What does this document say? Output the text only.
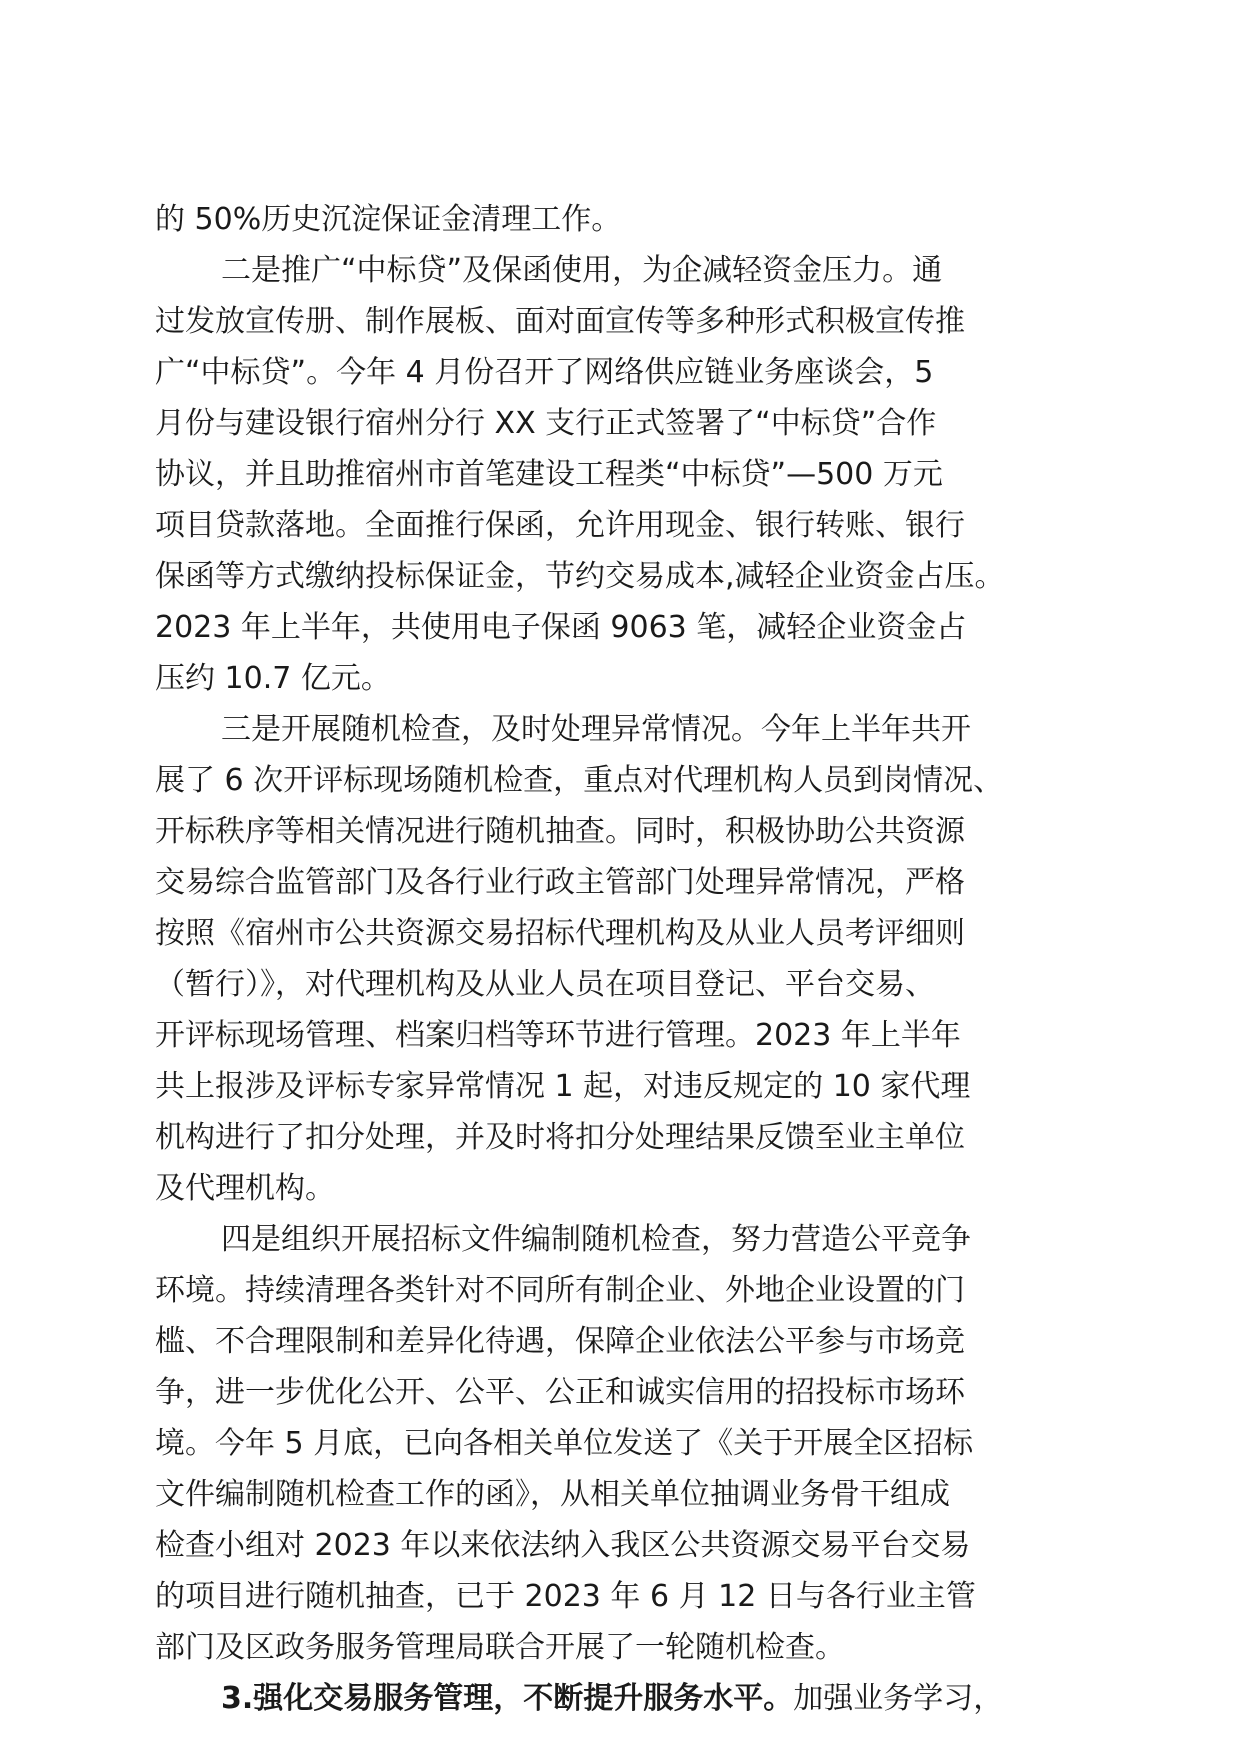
的 50%历史沉淀保证金清理工作。
二是推广“中标贷”及保函使用，为企减轻资金压力。通
过发放宣传册、制作展板、面对面宣传等多种形式积极宣传推
广“中标贷”。今年 4 月份召开了网络供应链业务座谈会，5
月份与建设银行宿州分行 XX 支行正式签署了“中标贷”合作
协议，并且助推宿州市首笔建设工程类“中标贷”—500 万元
项目贷款落地。全面推行保函，允许用现金、银行转账、银行
保函等方式缴纳投标保证金，节约交易成本,减轻企业资金占压。
2023 年上半年，共使用电子保函 9063 笔，减轻企业资金占
压约 10.7 亿元。
三是开展随机检查，及时处理异常情况。今年上半年共开
展了 6 次开评标现场随机检查，重点对代理机构人员到岗情况、
开标秩序等相关情况进行随机抽查。同时，积极协助公共资源
交易综合监管部门及各行业行政主管部门处理异常情况，严格
按照《宿州市公共资源交易招标代理机构及从业人员考评细则
（暂行）》，对代理机构及从业人员在项目登记、平台交易、
开评标现场管理、档案归档等环节进行管理。2023 年上半年
共上报涉及评标专家异常情况 1 起，对违反规定的 10 家代理
机构进行了扣分处理，并及时将扣分处理结果反馈至业主单位
及代理机构。
四是组织开展招标文件编制随机检查，努力营造公平竞争
环境。持续清理各类针对不同所有制企业、外地企业设置的门
槛、不合理限制和差异化待遇，保障企业依法公平参与市场竞
争，进一步优化公开、公平、公正和诚实信用的招投标市场环
境。今年 5 月底，已向各相关单位发送了《关于开展全区招标
文件编制随机检查工作的函》，从相关单位抽调业务骨干组成
检查小组对 2023 年以来依法纳入我区公共资源交易平台交易
的项目进行随机抽查，已于 2023 年 6 月 12 日与各行业主管
部门及区政务服务管理局联合开展了一轮随机检查。
3.强化交易服务管理，不断提升服务水平。加强业务学习，
